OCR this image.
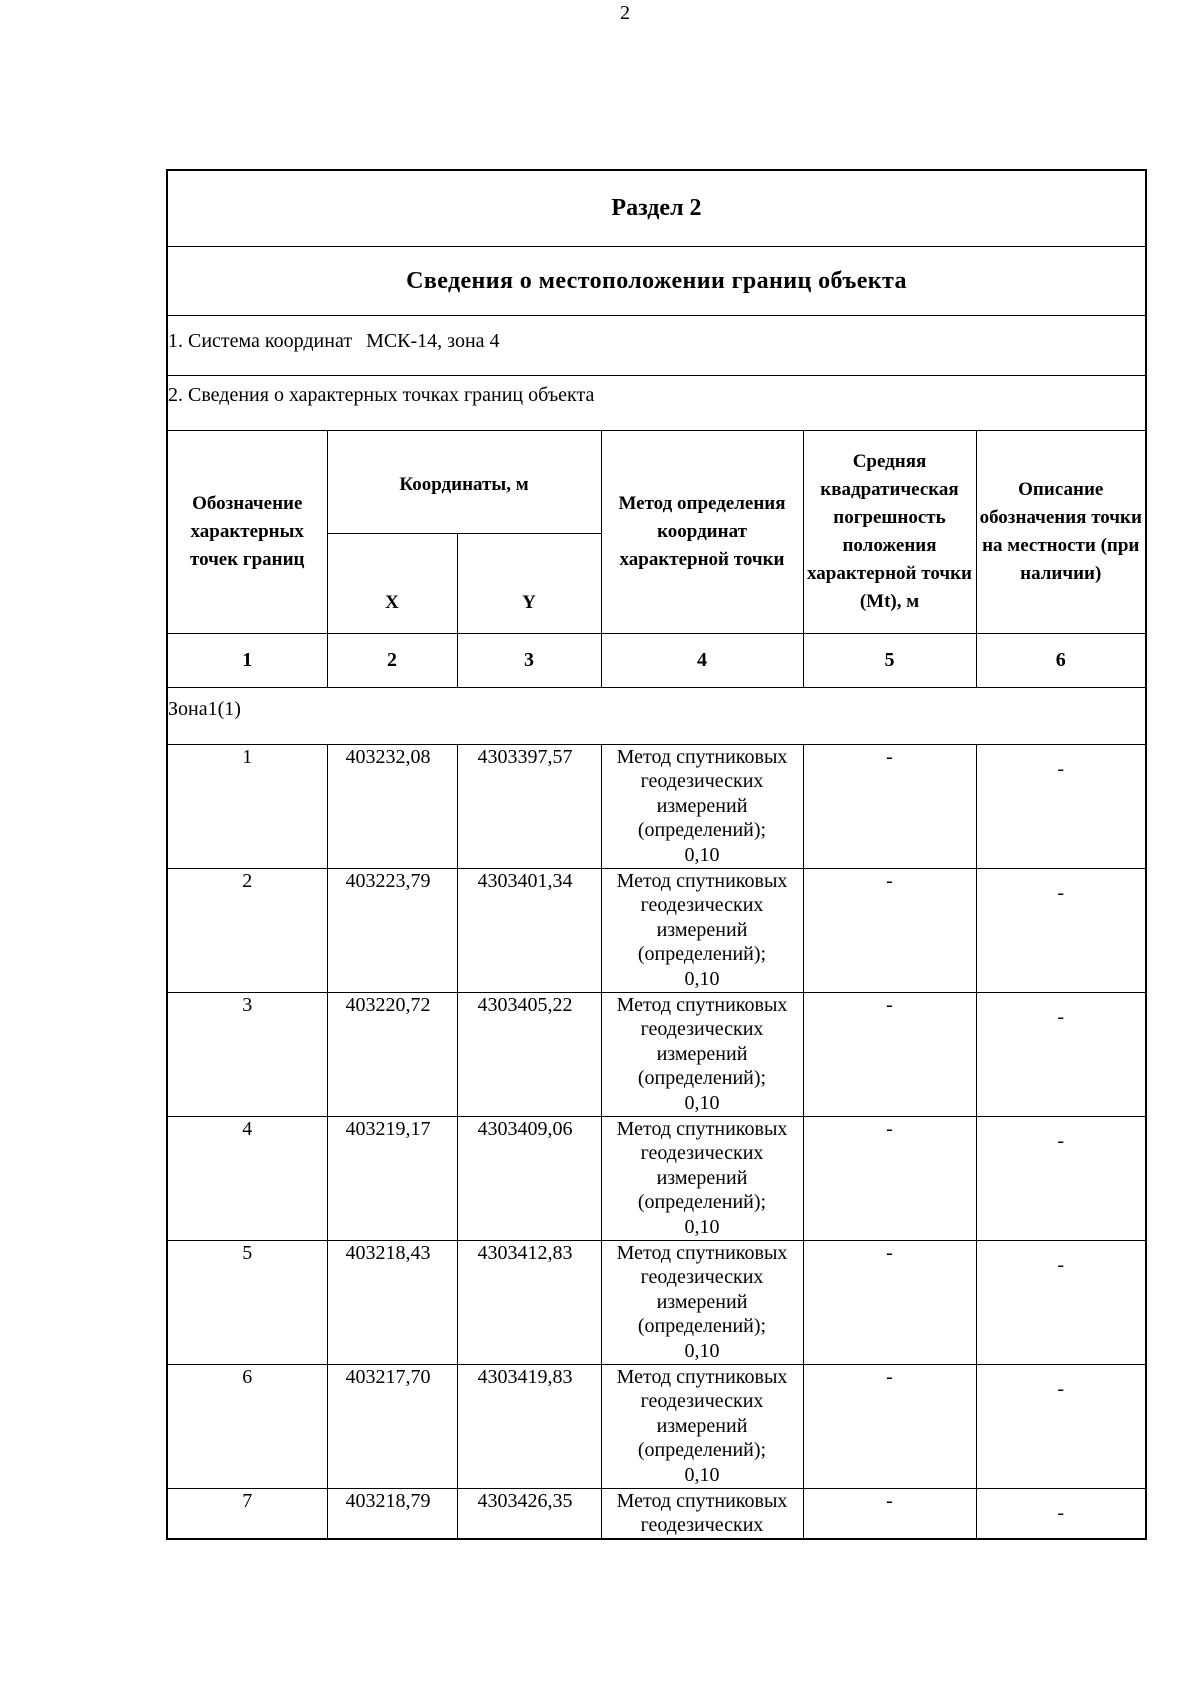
2
Раздел 2
Сведения о местоположении границ объекта
1. Система координат МСК-14, зона 4
2. Сведения о характерных точках границ объекта
Обозначение характерных точек границ	Координаты, м		Метод определения координат характерной точки	Средняя квадратическая погрешность положения характерной точки (Mt), м	Описание обозначения точки на местности (при наличии)
	X	Y			
1	2	3	4	5	6
Зона1(1)					
1	403232,08	4303397,57	Метод спутниковых
геодезических
измерений
(определений);
0,10	-	-
2	403223,79	4303401,34	Метод спутниковых
геодезических
измерений
(определений);
0,10	-	-
3	403220,72	4303405,22	Метод спутниковых
геодезических
измерений
(определений);
0,10	-	-
4	403219,17	4303409,06	Метод спутниковых
геодезических
измерений
(определений);
0,10	-	-
5	403218,43	4303412,83	Метод спутниковых
геодезических
измерений
(определений);
0,10	-	-
6	403217,70	4303419,83	Метод спутниковых
геодезических
измерений
(определений);
0,10	-	-
7	403218,79	4303426,35	Метод спутниковых
геодезических	-	-
